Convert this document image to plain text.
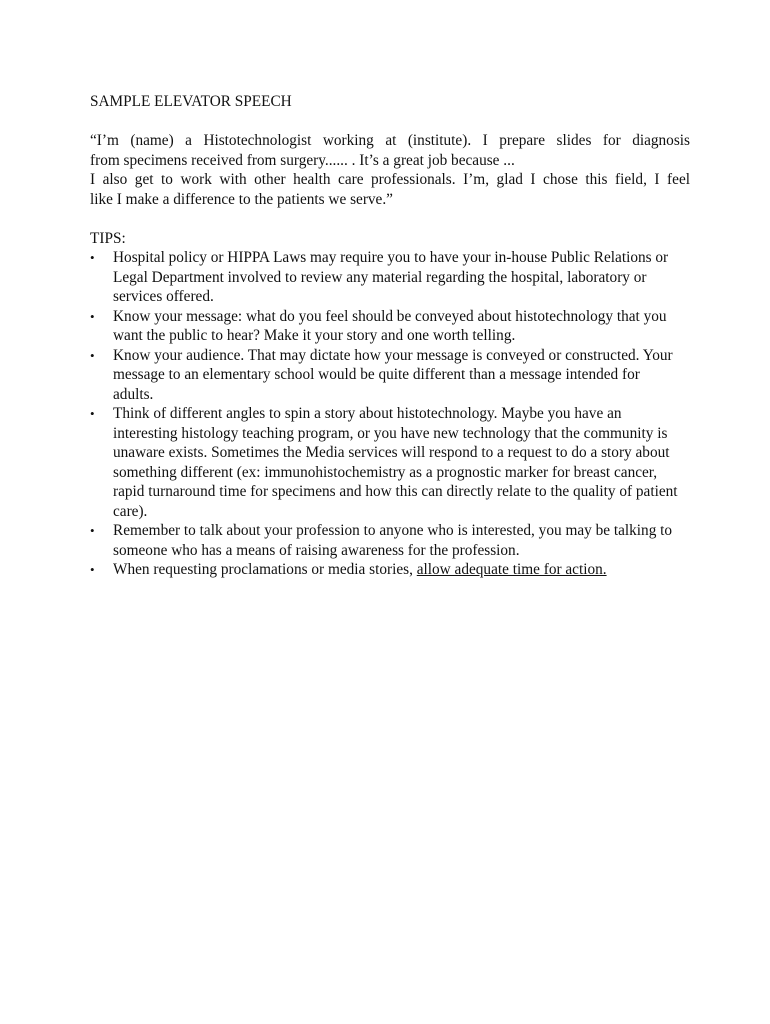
SAMPLE ELEVATOR SPEECH

“I’m (name) a Histotechnologist working at (institute). I prepare slides for diagnosis
from specimens received from surgery...... . It’s a great job because ...
I also get to work with other health care professionals. I’m, glad I chose this field, I feel
like I make a difference to the patients we serve.”

TIPS:

• Hospital policy or HIPPA Laws may require you to have your in-house Public Relations or Legal Department involved to review any material regarding the hospital, laboratory or services offered.
• Know your message: what do you feel should be conveyed about histotechnology that you want the public to hear? Make it your story and one worth telling.
• Know your audience. That may dictate how your message is conveyed or constructed. Your message to an elementary school would be quite different than a message intended for adults.
• Think of different angles to spin a story about histotechnology. Maybe you have an interesting histology teaching program, or you have new technology that the community is unaware exists. Sometimes the Media services will respond to a request to do a story about something different (ex: immunohistochemistry as a prognostic marker for breast cancer, rapid turnaround time for specimens and how this can directly relate to the quality of patient care).
• Remember to talk about your profession to anyone who is interested, you may be talking to someone who has a means of raising awareness for the profession.
• When requesting proclamations or media stories, allow adequate time for action.
